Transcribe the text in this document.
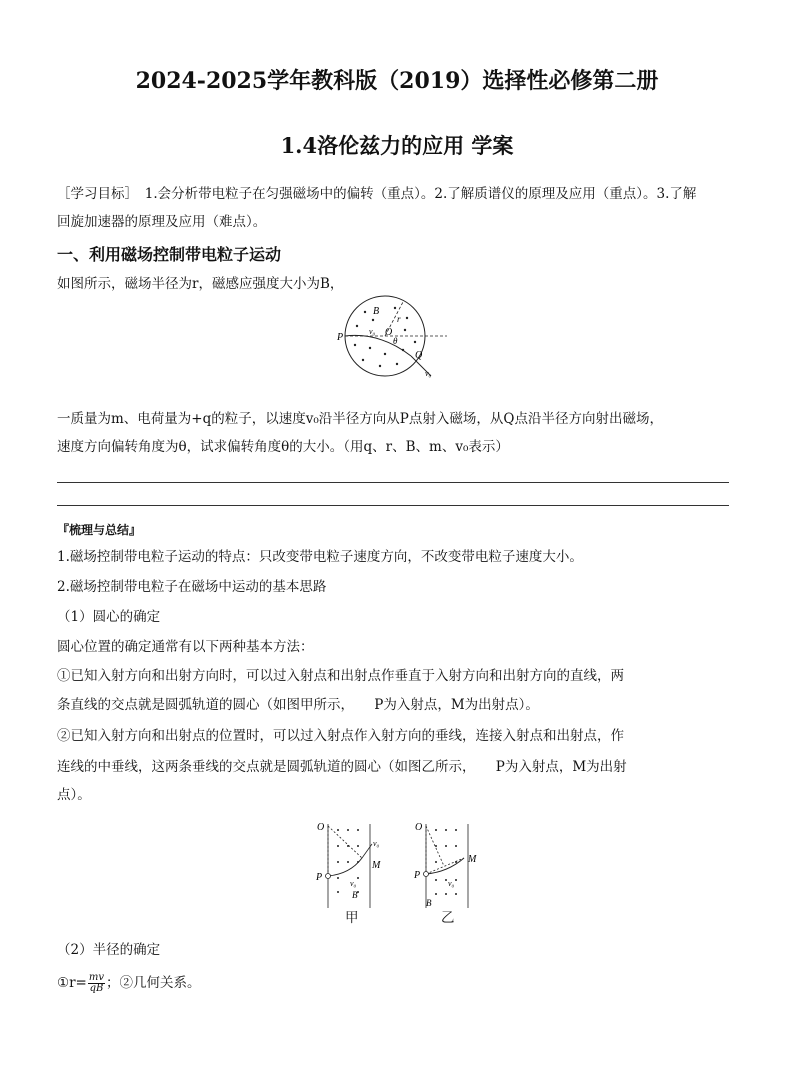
2024-2025学年教科版（2019）选择性必修第二册
1.4洛伦兹力的应用 学案
［学习目标］　1.会分析带电粒子在匀强磁场中的偏转（重点）。2.了解质谱仪的原理及应用（重点）。3.了解
回旋加速器的原理及应用（难点）。
一、利用磁场控制带电粒子运动
如图所示，磁场半径为r，磁感应强度大小为B，
B
P	O
r
θ
Q
v₀
v₀
一质量为m、电荷量为+q的粒子，以速度v₀沿半径方向从P点射入磁场，从Q点沿半径方向射出磁场，
速度方向偏转角度为θ，试求偏转角度θ的大小。（用q、r、B、m、v₀表示）
『梳理与总结』
1.磁场控制带电粒子运动的特点：只改变带电粒子速度方向，不改变带电粒子速度大小。
2.磁场控制带电粒子在磁场中运动的基本思路
（1）圆心的确定
圆心位置的确定通常有以下两种基本方法：
①已知入射方向和出射方向时，可以过入射点和出射点作垂直于入射方向和出射方向的直线，两
条直线的交点就是圆弧轨道的圆心（如图甲所示，　　P为入射点，M为出射点）。
②已知入射方向和出射点的位置时，可以过入射点作入射方向的垂线，连接入射点和出射点，作
连线的中垂线，这两条垂线的交点就是圆弧轨道的圆心（如图乙所示，　　P为入射点，M为出射
点）。
O
v₀
M
P
v₀
B
甲
O
M
P
v₀
B
乙
（2）半径的确定
①r= $\frac{mv}{qB}$ ；②几何关系。
